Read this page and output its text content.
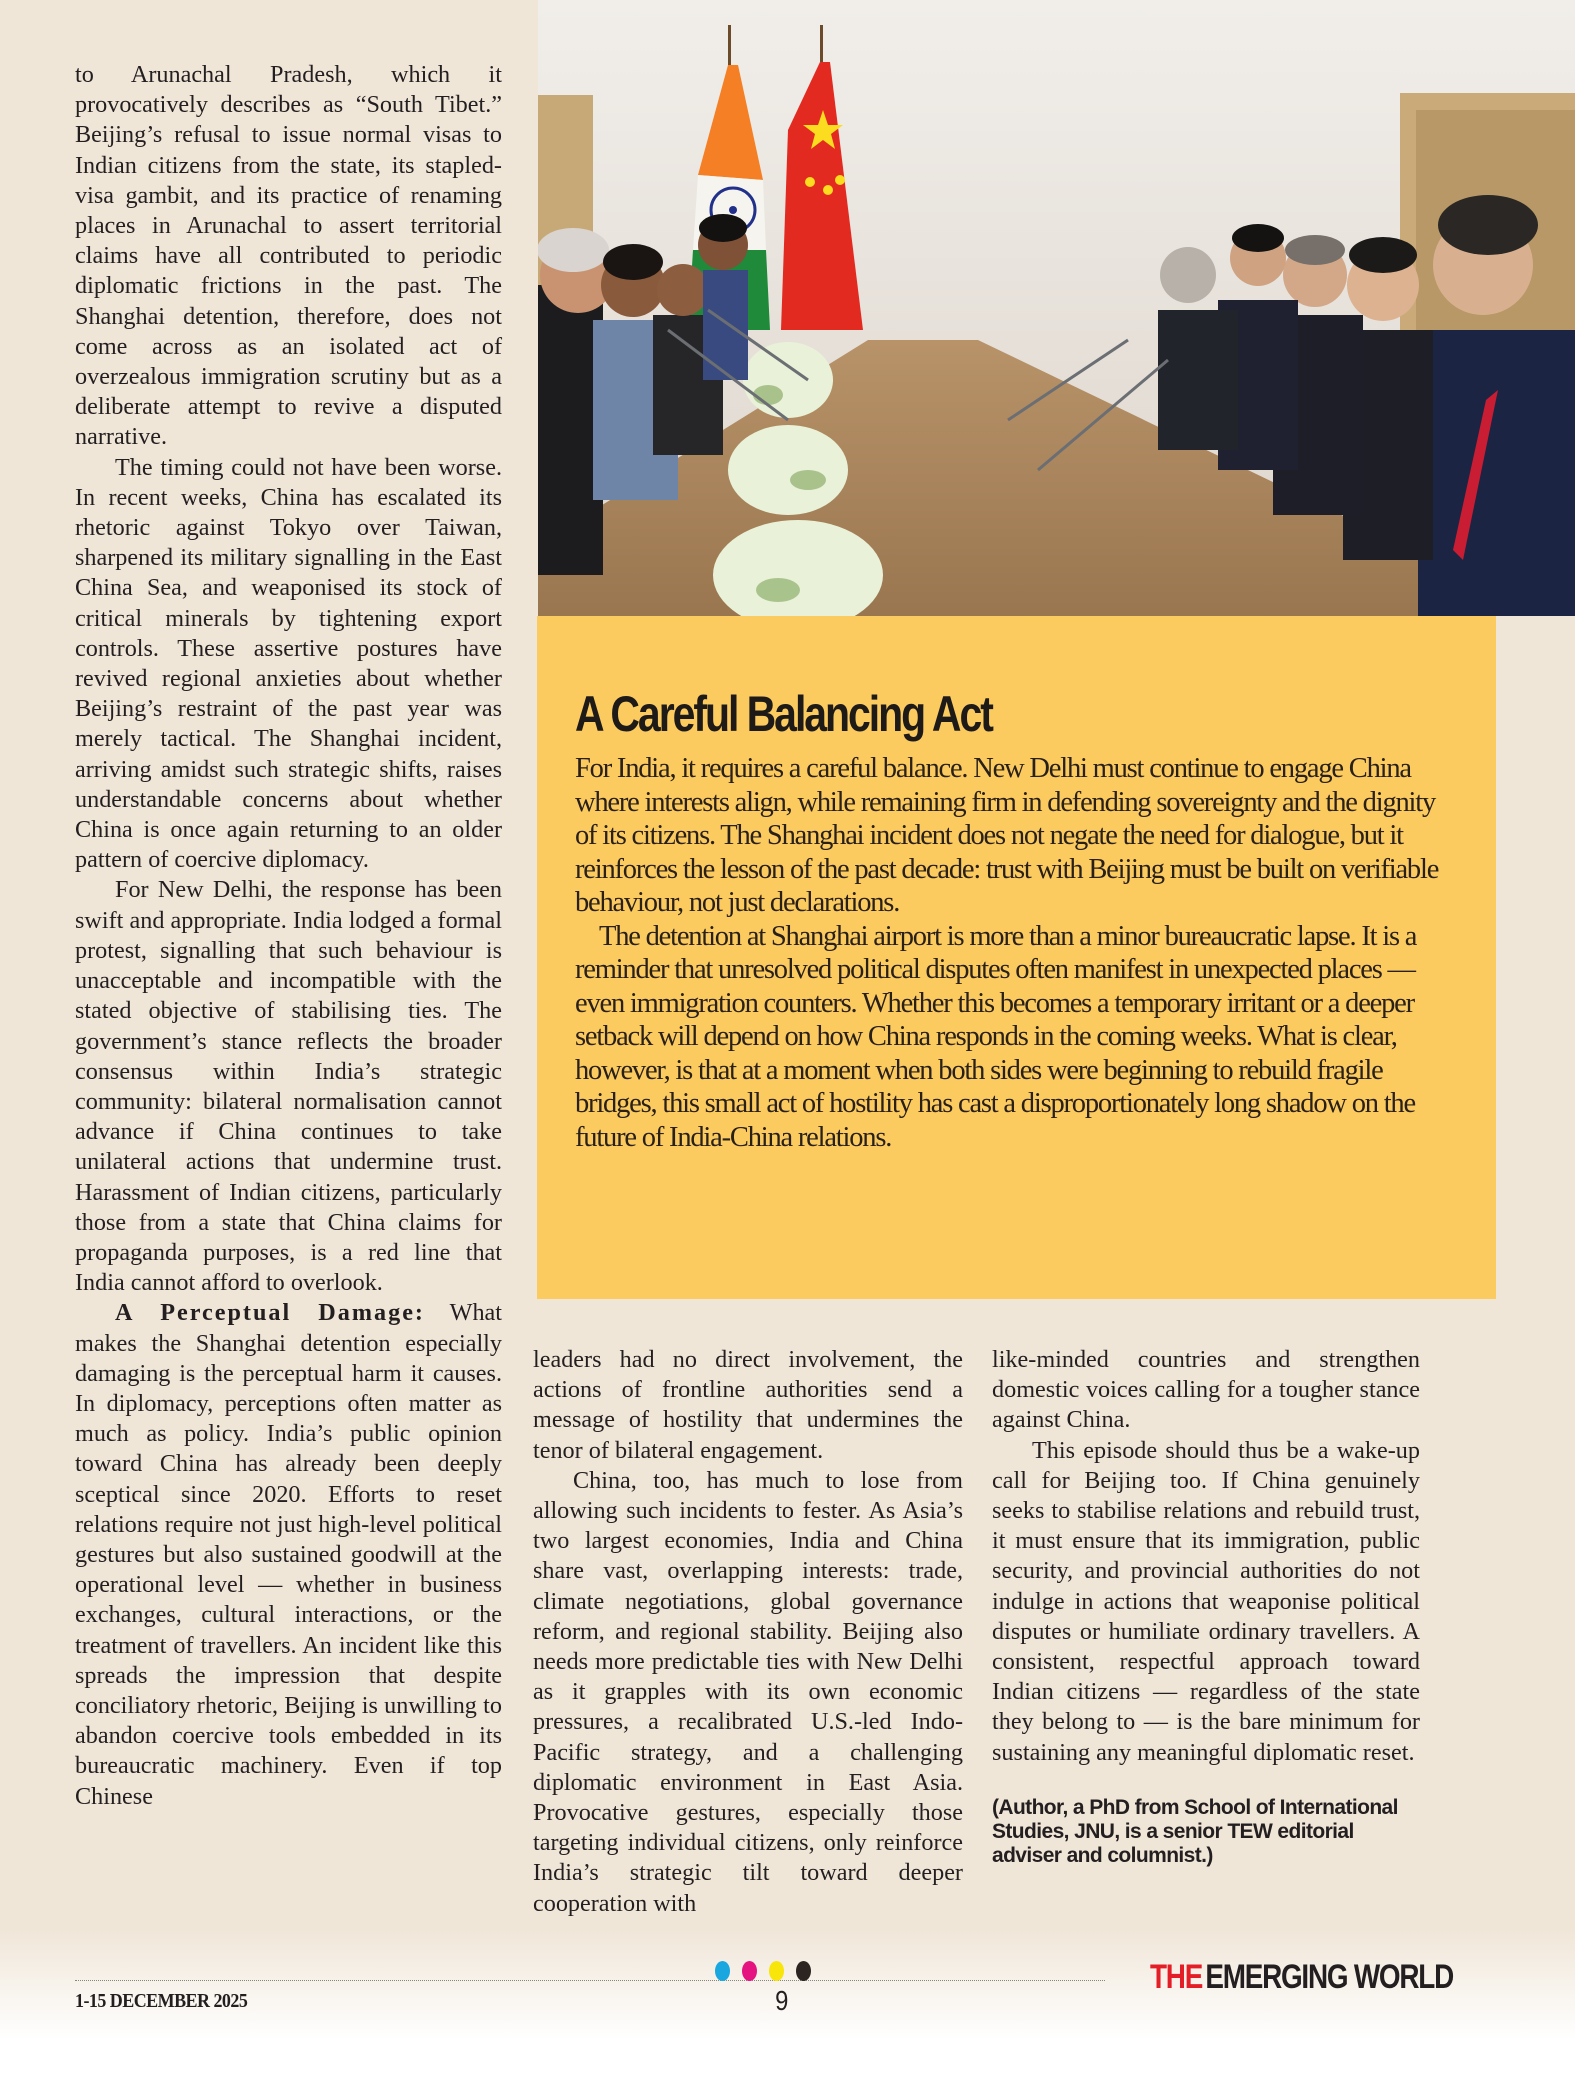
to Arunachal Pradesh, which it provocatively describes as “South Tibet.” Beijing’s refusal to issue normal visas to Indian citizens from the state, its stapled-visa gambit, and its practice of renaming places in Arunachal to assert territorial claims have all contributed to periodic diplomatic frictions in the past. The Shanghai detention, therefore, does not come across as an isolated act of overzealous immigration scrutiny but as a deliberate attempt to revive a disputed narrative.

The timing could not have been worse. In recent weeks, China has escalated its rhetoric against Tokyo over Taiwan, sharpened its military signalling in the East China Sea, and weaponised its stock of critical minerals by tightening export controls. These assertive postures have revived regional anxieties about whether Beijing’s restraint of the past year was merely tactical. The Shanghai incident, arriving amidst such strategic shifts, raises understandable concerns about whether China is once again returning to an older pattern of coercive diplomacy.

For New Delhi, the response has been swift and appropriate. India lodged a formal protest, signalling that such behaviour is unacceptable and incompatible with the stated objective of stabilising ties. The government’s stance reflects the broader consensus within India’s strategic community: bilateral normalisation cannot advance if China continues to take unilateral actions that undermine trust. Harassment of Indian citizens, particularly those from a state that China claims for propaganda purposes, is a red line that India cannot afford to overlook.

A Perceptual Damage: What makes the Shanghai detention especially damaging is the perceptual harm it causes. In diplomacy, perceptions often matter as much as policy. India’s public opinion toward China has already been deeply sceptical since 2020. Efforts to reset relations require not just high-level political gestures but also sustained goodwill at the operational level — whether in business exchanges, cultural interactions, or the treatment of travellers. An incident like this spreads the impression that despite conciliatory rhetoric, Beijing is unwilling to abandon coercive tools embedded in its bureaucratic machinery. Even if top Chinese

A Careful Balancing Act

For India, it requires a careful balance. New Delhi must continue to engage China where interests align, while remaining firm in defending sovereignty and the dignity of its citizens. The Shanghai incident does not negate the need for dialogue, but it reinforces the lesson of the past decade: trust with Beijing must be built on verifiable behaviour, not just declarations.

The detention at Shanghai airport is more than a minor bureaucratic lapse. It is a reminder that unresolved political disputes often manifest in unexpected places — even immigration counters. Whether this becomes a temporary irritant or a deeper setback will depend on how China responds in the coming weeks. What is clear, however, is that at a moment when both sides were beginning to rebuild fragile bridges, this small act of hostility has cast a disproportionately long shadow on the future of India-China relations.

leaders had no direct involvement, the actions of frontline authorities send a message of hostility that undermines the tenor of bilateral engagement.

China, too, has much to lose from allowing such incidents to fester. As Asia’s two largest economies, India and China share vast, overlapping interests: trade, climate negotiations, global governance reform, and regional stability. Beijing also needs more predictable ties with New Delhi as it grapples with its own economic pressures, a recalibrated U.S.-led Indo-Pacific strategy, and a challenging diplomatic environment in East Asia. Provocative gestures, especially those targeting individual citizens, only reinforce India’s strategic tilt toward deeper cooperation with

like-minded countries and strengthen domestic voices calling for a tougher stance against China.

This episode should thus be a wake-up call for Beijing too. If China genuinely seeks to stabilise relations and rebuild trust, it must ensure that its immigration, public security, and provincial authorities do not indulge in actions that weaponise political disputes or humiliate ordinary travellers. A consistent, respectful approach toward Indian citizens — regardless of the state they belong to — is the bare minimum for sustaining any meaningful diplomatic reset.

(Author, a PhD from School of International Studies, JNU, is a senior TEW editorial adviser and columnist.)

1-15 DECEMBER 2025	9
THEEMERGING WORLD
